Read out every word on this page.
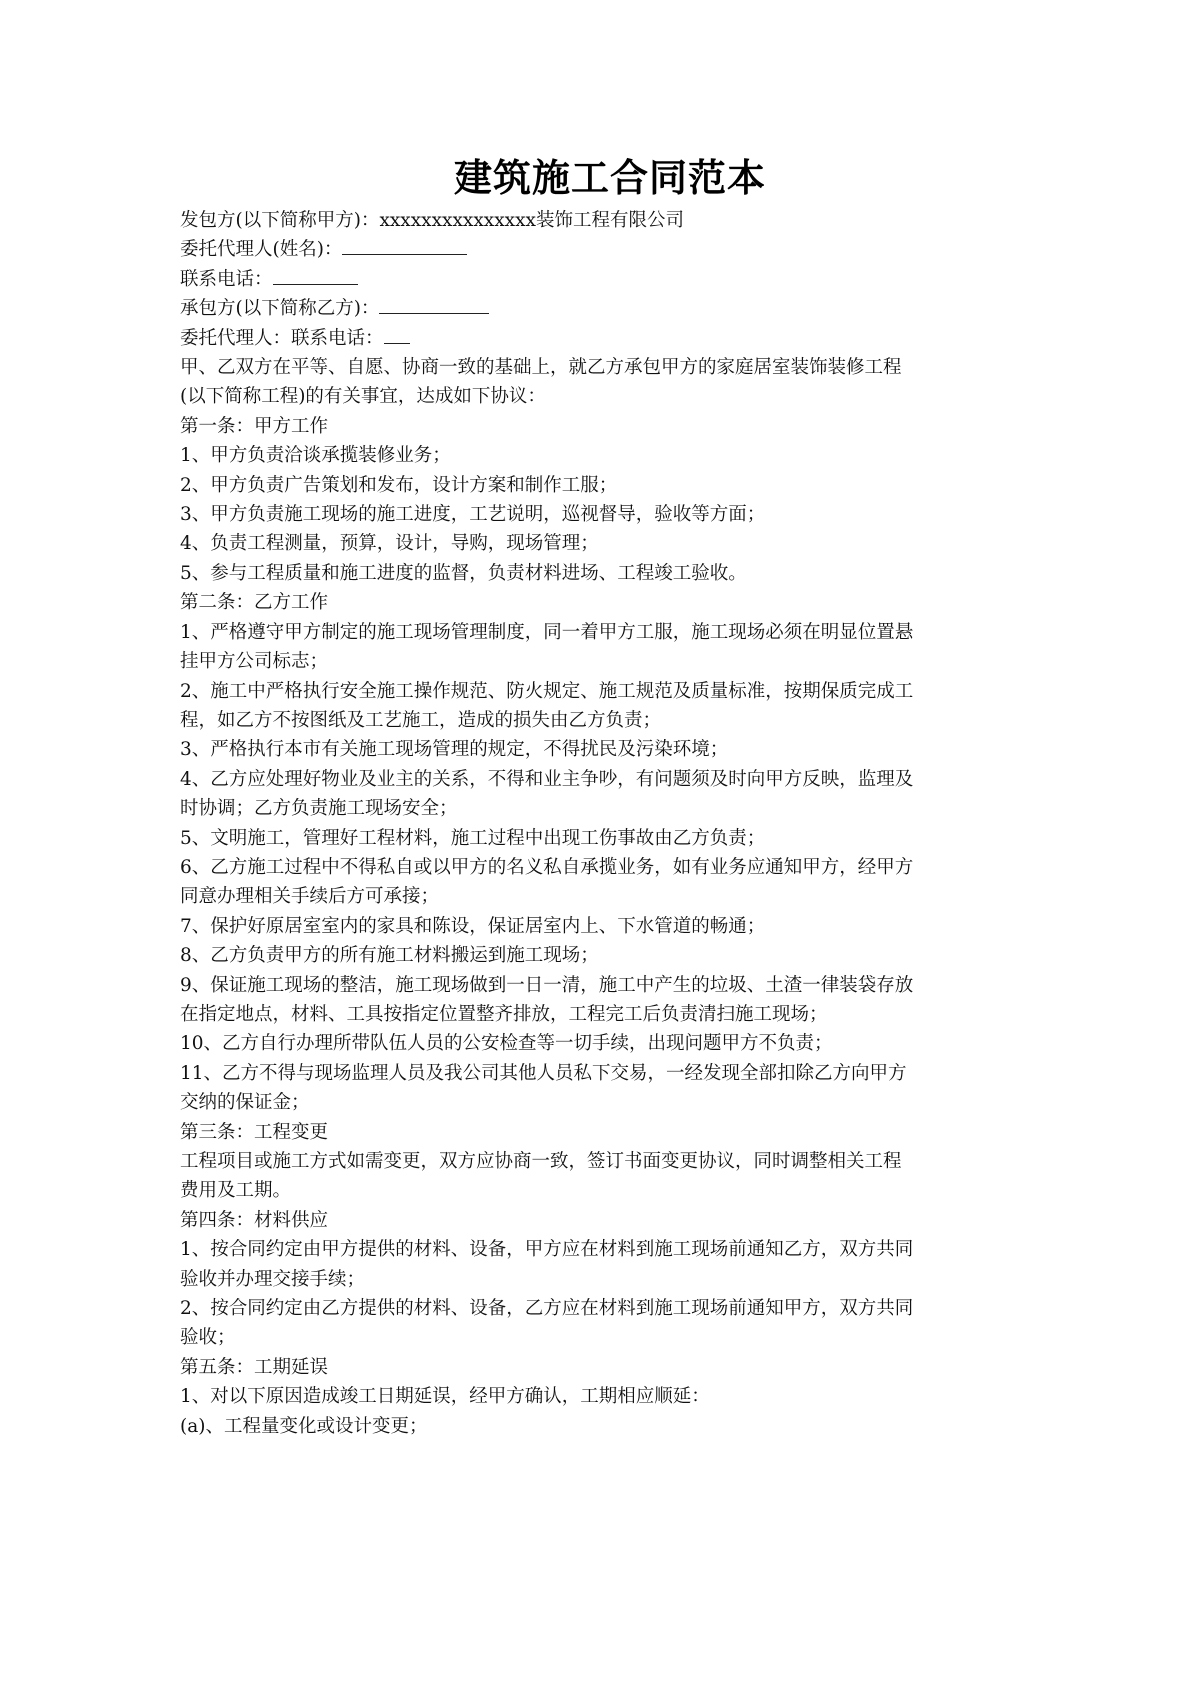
建筑施工合同范本
发包方(以下简称甲方)：xxxxxxxxxxxxxxx装饰工程有限公司
委托代理人(姓名)：
联系电话：
承包方(以下简称乙方)：
委托代理人：联系电话：
甲、乙双方在平等、自愿、协商一致的基础上，就乙方承包甲方的家庭居室装饰装修工程
(以下简称工程)的有关事宜，达成如下协议：
第一条：甲方工作
1、甲方负责洽谈承揽装修业务；
2、甲方负责广告策划和发布，设计方案和制作工服；
3、甲方负责施工现场的施工进度，工艺说明，巡视督导，验收等方面；
4、负责工程测量，预算，设计，导购，现场管理；
5、参与工程质量和施工进度的监督，负责材料进场、工程竣工验收。
第二条：乙方工作
1、严格遵守甲方制定的施工现场管理制度，同一着甲方工服，施工现场必须在明显位置悬
挂甲方公司标志；
2、施工中严格执行安全施工操作规范、防火规定、施工规范及质量标准，按期保质完成工
程，如乙方不按图纸及工艺施工，造成的损失由乙方负责；
3、严格执行本市有关施工现场管理的规定，不得扰民及污染环境；
4、乙方应处理好物业及业主的关系，不得和业主争吵，有问题须及时向甲方反映，监理及
时协调；乙方负责施工现场安全；
5、文明施工，管理好工程材料，施工过程中出现工伤事故由乙方负责；
6、乙方施工过程中不得私自或以甲方的名义私自承揽业务，如有业务应通知甲方，经甲方
同意办理相关手续后方可承接；
7、保护好原居室室内的家具和陈设，保证居室内上、下水管道的畅通；
8、乙方负责甲方的所有施工材料搬运到施工现场；
9、保证施工现场的整洁，施工现场做到一日一清，施工中产生的垃圾、土渣一律装袋存放
在指定地点，材料、工具按指定位置整齐排放，工程完工后负责清扫施工现场；
10、乙方自行办理所带队伍人员的公安检查等一切手续，出现问题甲方不负责；
11、乙方不得与现场监理人员及我公司其他人员私下交易，一经发现全部扣除乙方向甲方
交纳的保证金；
第三条：工程变更
工程项目或施工方式如需变更，双方应协商一致，签订书面变更协议，同时调整相关工程
费用及工期。
第四条：材料供应
1、按合同约定由甲方提供的材料、设备，甲方应在材料到施工现场前通知乙方，双方共同
验收并办理交接手续；
2、按合同约定由乙方提供的材料、设备，乙方应在材料到施工现场前通知甲方，双方共同
验收；
第五条：工期延误
1、对以下原因造成竣工日期延误，经甲方确认，工期相应顺延：
(a)、工程量变化或设计变更；
